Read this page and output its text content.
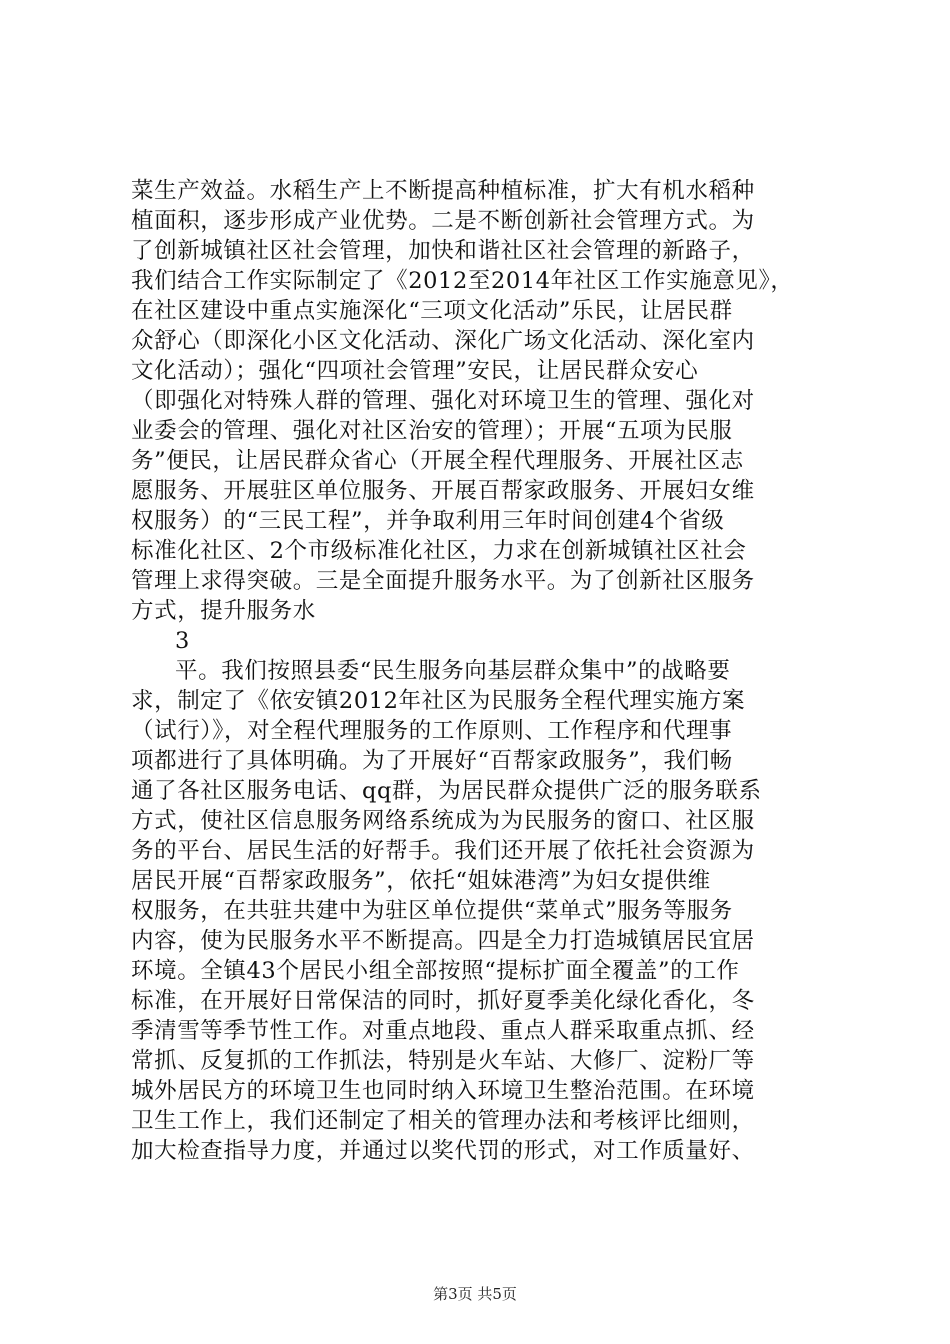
菜生产效益。水稻生产上不断提高种植标准，扩大有机水稻种
植面积，逐步形成产业优势。二是不断创新社会管理方式。为
了创新城镇社区社会管理，加快和谐社区社会管理的新路子，
我们结合工作实际制定了《2012至2014年社区工作实施意见》，
在社区建设中重点实施深化“三项文化活动”乐民，让居民群
众舒心（即深化小区文化活动、深化广场文化活动、深化室内
文化活动）；强化“四项社会管理”安民，让居民群众安心
（即强化对特殊人群的管理、强化对环境卫生的管理、强化对
业委会的管理、强化对社区治安的管理）；开展“五项为民服
务”便民，让居民群众省心（开展全程代理服务、开展社区志
愿服务、开展驻区单位服务、开展百帮家政服务、开展妇女维
权服务）的“三民工程”，并争取利用三年时间创建4个省级
标准化社区、2个市级标准化社区，力求在创新城镇社区社会
管理上求得突破。三是全面提升服务水平。为了创新社区服务
方式，提升服务水
3
平。我们按照县委“民生服务向基层群众集中”的战略要
求，制定了《依安镇2012年社区为民服务全程代理实施方案
（试行）》，对全程代理服务的工作原则、工作程序和代理事
项都进行了具体明确。为了开展好“百帮家政服务”，我们畅
通了各社区服务电话、qq群，为居民群众提供广泛的服务联系
方式，使社区信息服务网络系统成为为民服务的窗口、社区服
务的平台、居民生活的好帮手。我们还开展了依托社会资源为
居民开展“百帮家政服务”，依托“姐妹港湾”为妇女提供维
权服务，在共驻共建中为驻区单位提供“菜单式”服务等服务
内容，使为民服务水平不断提高。四是全力打造城镇居民宜居
环境。全镇43个居民小组全部按照“提标扩面全覆盖”的工作
标准，在开展好日常保洁的同时，抓好夏季美化绿化香化，冬
季清雪等季节性工作。对重点地段、重点人群采取重点抓、经
常抓、反复抓的工作抓法，特别是火车站、大修厂、淀粉厂等
城外居民方的环境卫生也同时纳入环境卫生整治范围。在环境
卫生工作上，我们还制定了相关的管理办法和考核评比细则，
加大检查指导力度，并通过以奖代罚的形式，对工作质量好、
第3页 共5页
